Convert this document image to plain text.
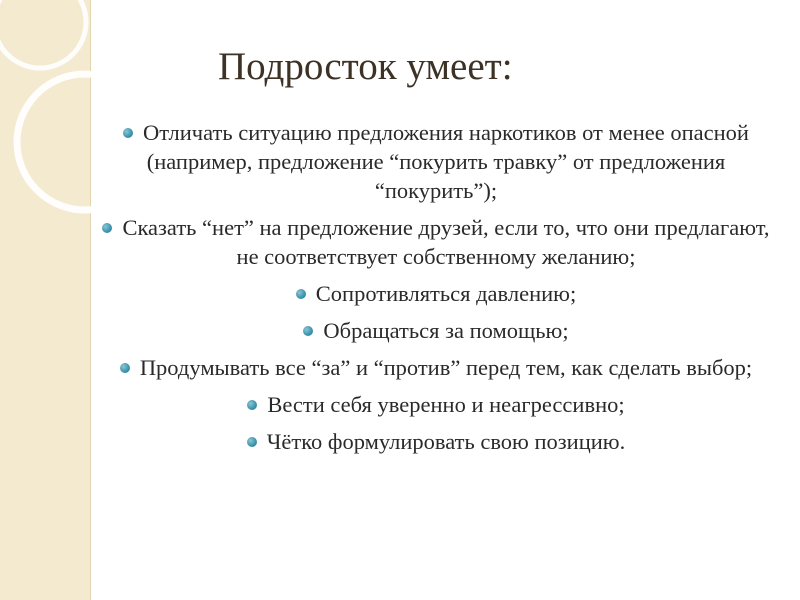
Подросток умеет:
Отличать ситуацию предложения наркотиков от менее опасной (например, предложение “покурить травку” от предложения “покурить”);
Сказать “нет” на предложение друзей, если то, что они предлагают, не соответствует собственному желанию;
Сопротивляться давлению;
Обращаться за помощью;
Продумывать все “за” и “против” перед тем, как сделать выбор;
Вести себя уверенно и неагрессивно;
Чётко формулировать свою позицию.
